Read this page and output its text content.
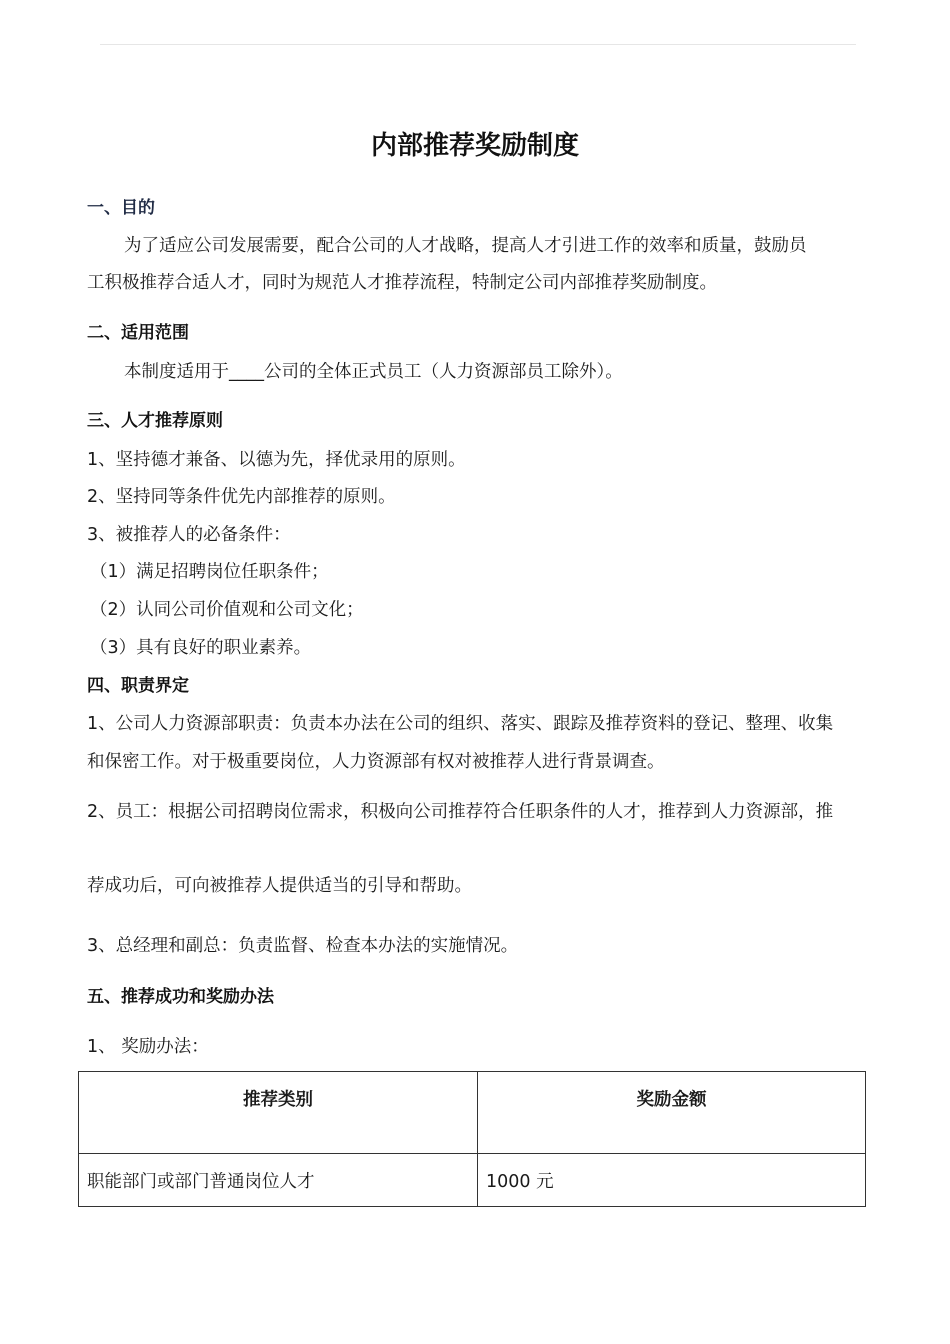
内部推荐奖励制度
一、目的
为了适应公司发展需要，配合公司的人才战略，提高人才引进工作的效率和质量，鼓励员
工积极推荐合适人才，同时为规范人才推荐流程，特制定公司内部推荐奖励制度。
二、适用范围
本制度适用于____公司的全体正式员工（人力资源部员工除外）。
三、人才推荐原则
1、坚持德才兼备、以德为先，择优录用的原则。
2、坚持同等条件优先内部推荐的原则。
3、被推荐人的必备条件：
（1）满足招聘岗位任职条件；
（2）认同公司价值观和公司文化；
（3）具有良好的职业素养。
四、职责界定
1、公司人力资源部职责：负责本办法在公司的组织、落实、跟踪及推荐资料的登记、整理、收集
和保密工作。对于极重要岗位，人力资源部有权对被推荐人进行背景调查。
2、员工：根据公司招聘岗位需求，积极向公司推荐符合任职条件的人才，推荐到人力资源部，推
荐成功后，可向被推荐人提供适当的引导和帮助。
3、总经理和副总：负责监督、检查本办法的实施情况。
五、推荐成功和奖励办法
1、 奖励办法：
推荐类别	奖励金额
职能部门或部门普通岗位人才	1000 元
